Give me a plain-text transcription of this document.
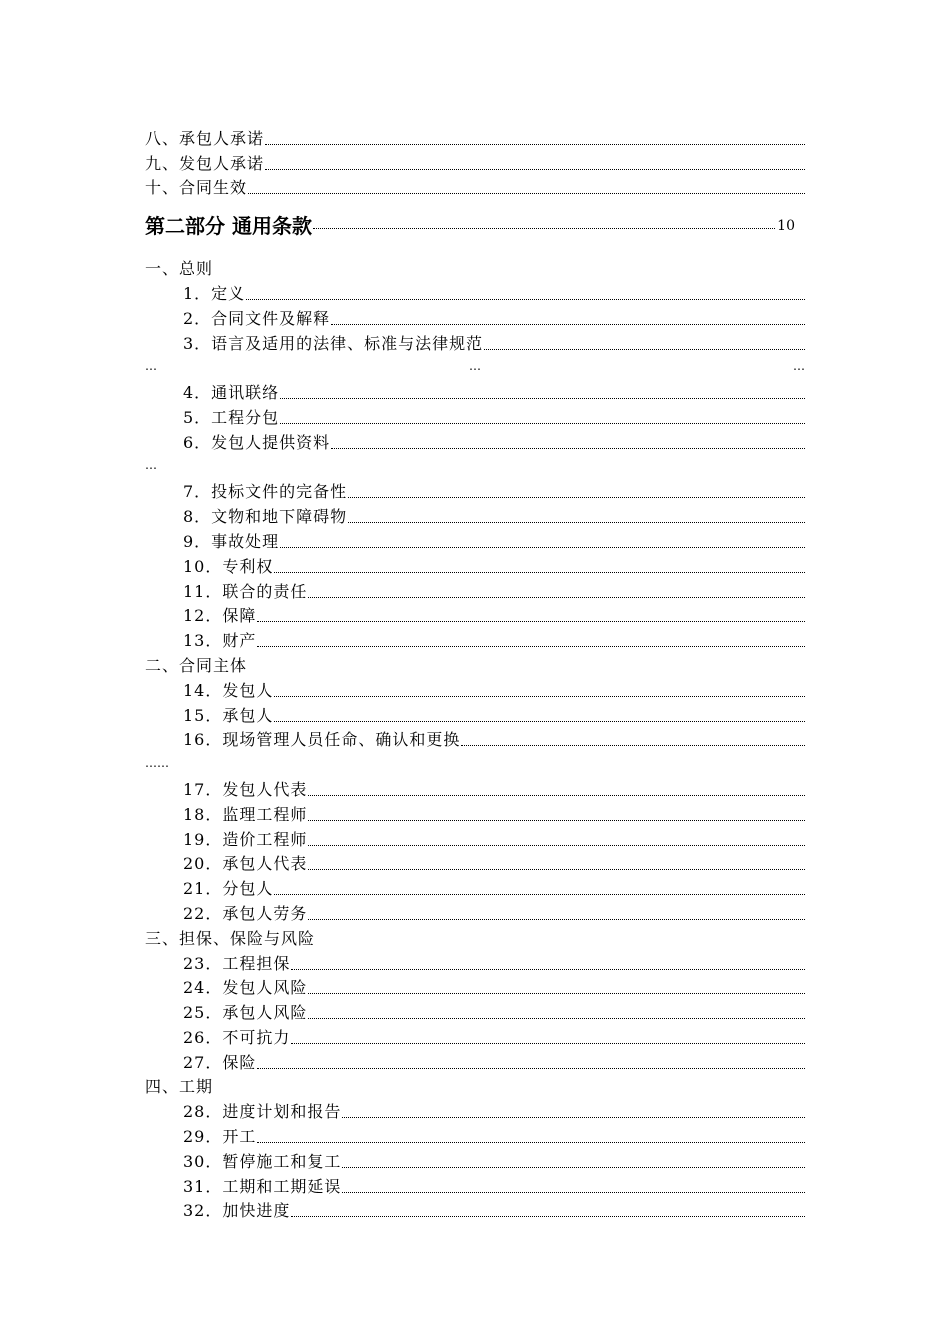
八、承包人承诺
九、发包人承诺
十、合同生效
第二部分 通用条款	10
一、总则
1．定义
2．合同文件及解释
3．语言及适用的法律、标准与法律规范
…	…	…
4．通讯联络
5．工程分包
6．发包人提供资料
…
7．投标文件的完备性
8．文物和地下障碍物
9．事故处理
10．专利权
11．联合的责任
12．保障
13．财产
二、合同主体
14．发包人
15．承包人
16．现场管理人员任命、确认和更换
……
17．发包人代表
18．监理工程师
19．造价工程师
20．承包人代表
21．分包人
22．承包人劳务
三、担保、保险与风险
23．工程担保
24．发包人风险
25．承包人风险
26．不可抗力
27．保险
四、工期
28．进度计划和报告
29．开工
30．暂停施工和复工
31．工期和工期延误
32．加快进度
